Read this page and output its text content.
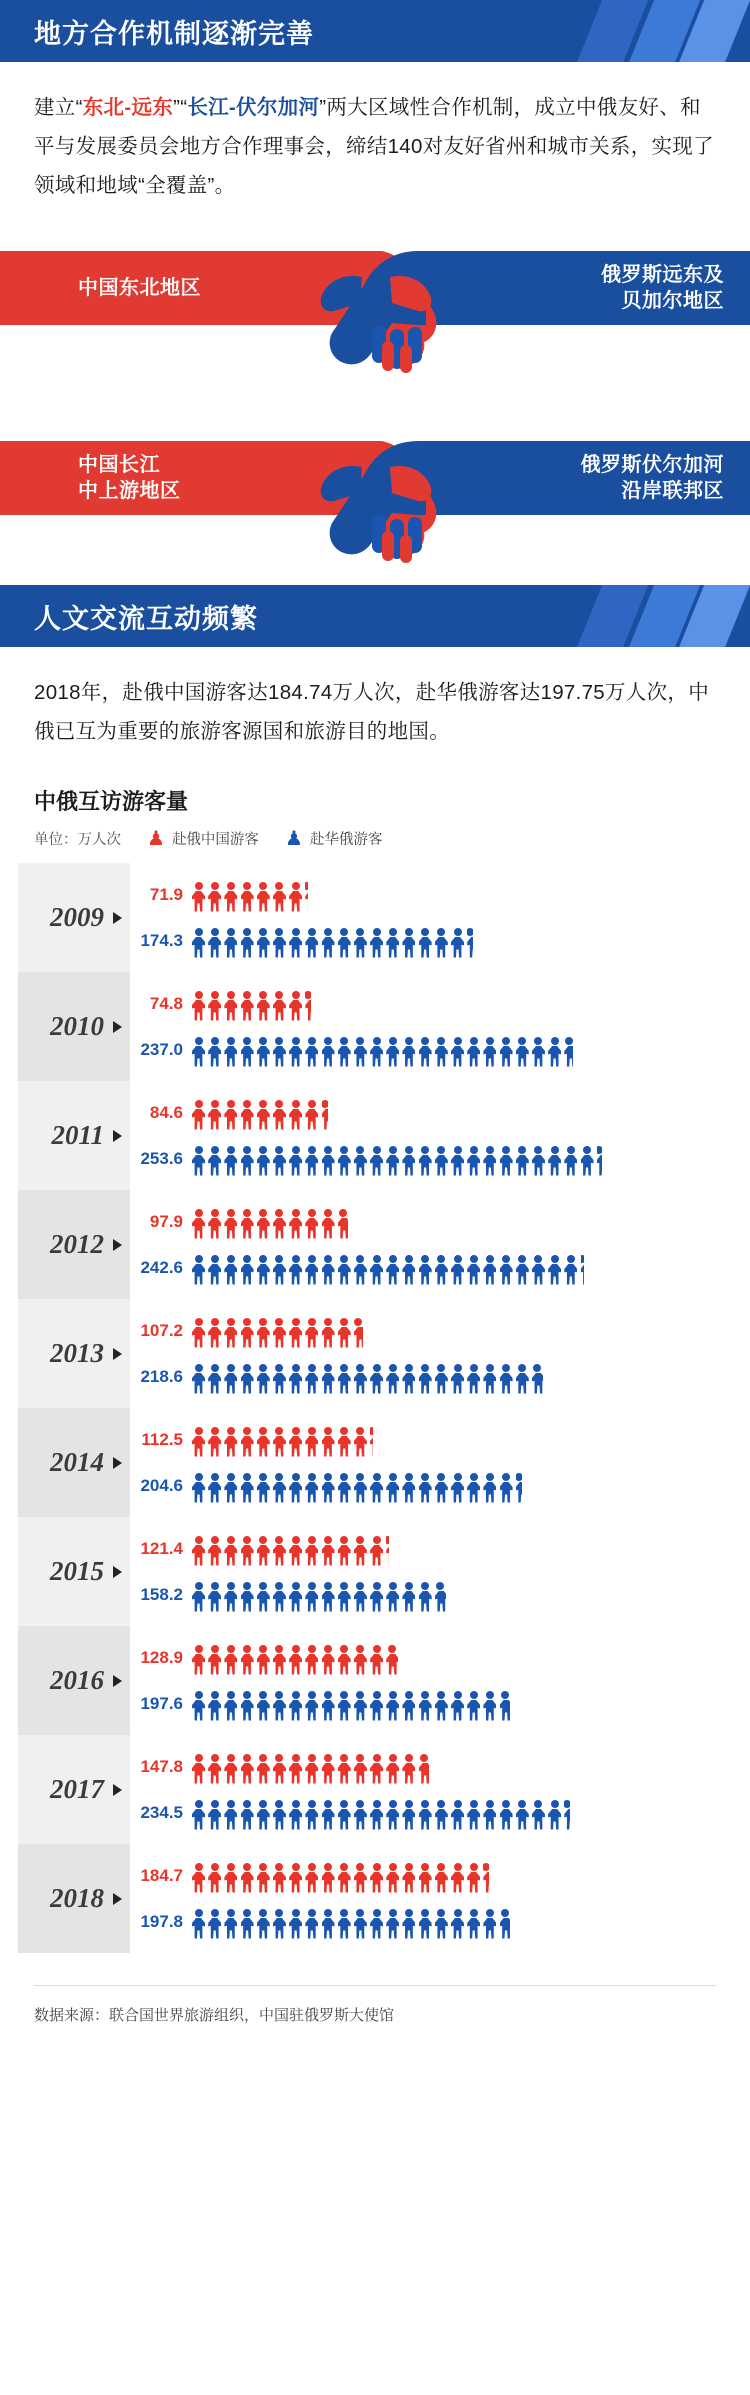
地方合作机制逐渐完善
建立“东北-远东”“长江-伏尔加河”两大区域性合作机制，成立中俄友好、和平与发展委员会地方合作理事会，缔结140对友好省州和城市关系，实现了领域和地域“全覆盖”。
中国东北地区
俄罗斯远东及
贝加尔地区
中国长江
中上游地区
俄罗斯伏尔加河
沿岸联邦区
人文交流互动频繁
2018年，赴俄中国游客达184.74万人次，赴华俄游客达197.75万人次，中俄已互为重要的旅游客源国和旅游目的地国。
中俄互访游客量
单位：万人次 ♟ 赴俄中国游客 ♟ 赴华俄游客
2009
71.9
174.3
2010
74.8
237.0
2011
84.6
253.6
2012
97.9
242.6
2013
107.2
218.6
2014
112.5
204.6
2015
121.4
158.2
2016
128.9
197.6
2017
147.8
234.5
2018
184.7
197.8
数据来源：联合国世界旅游组织，中国驻俄罗斯大使馆
